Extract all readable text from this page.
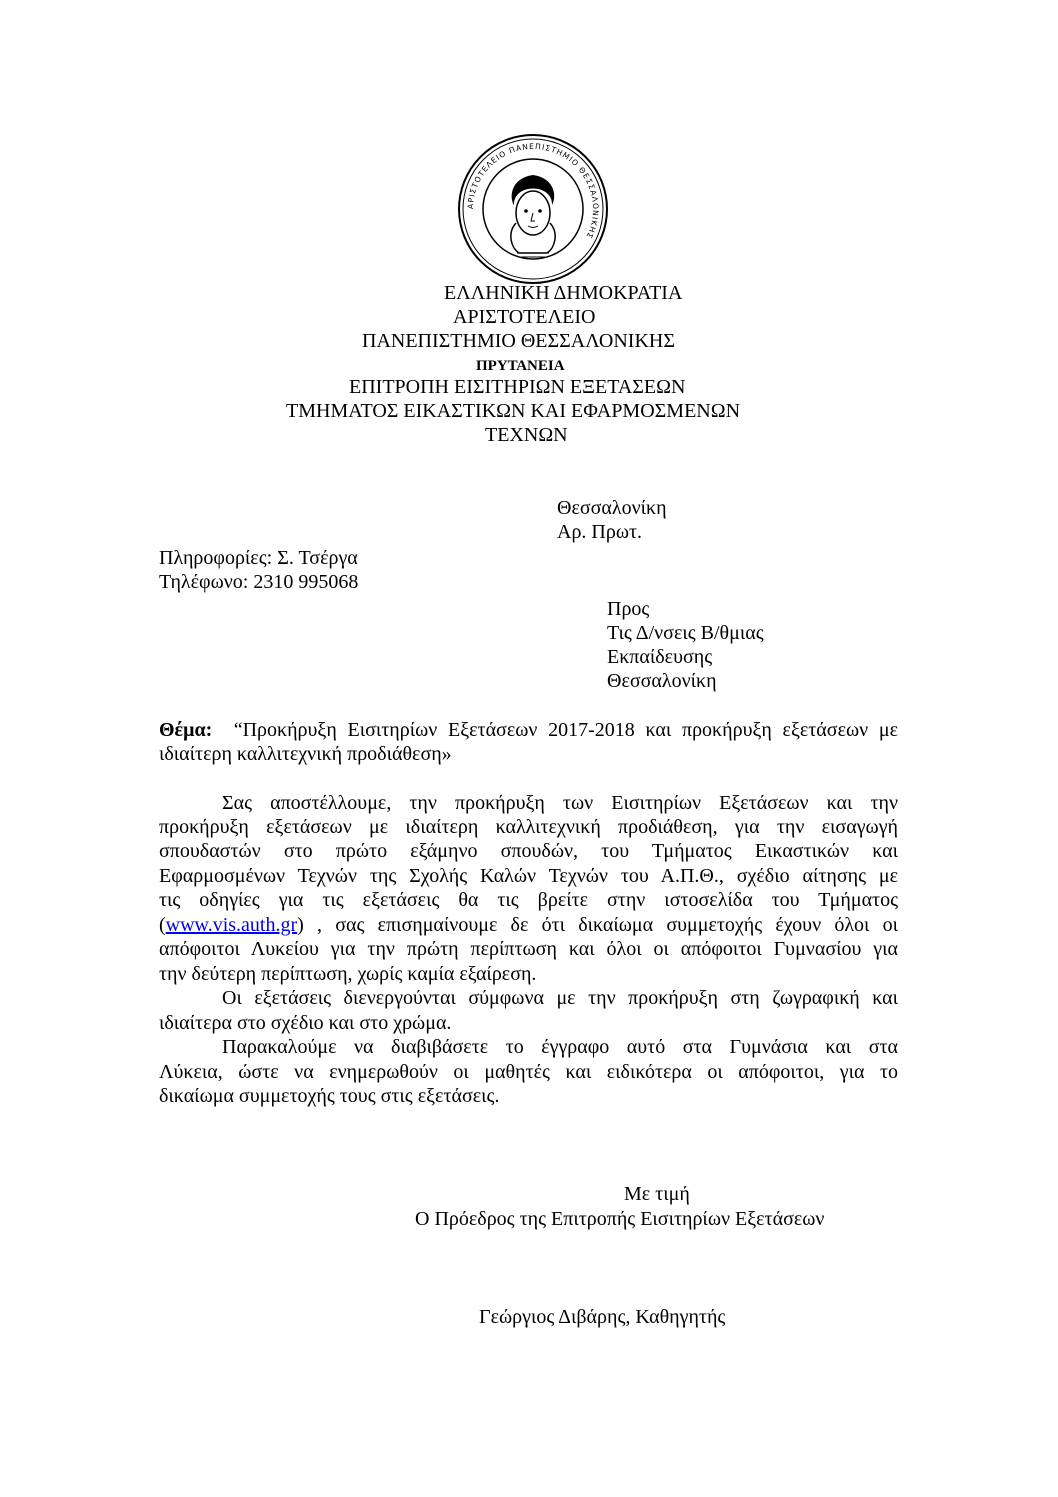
ΑΡΙΣΤΟΤΕΛΕΙΟ ΠΑΝΕΠΙΣΤΗΜΙΟ ΘΕΣΣΑΛΟΝΙΚΗΣ
ΕΛΛΗΝΙΚΗ ΔΗΜΟΚΡΑΤΙΑ
ΑΡΙΣΤΟΤΕΛΕΙΟ
ΠΑΝΕΠΙΣΤΗΜΙΟ ΘΕΣΣΑΛΟΝΙΚΗΣ
ΠΡΥΤΑΝΕΙΑ
ΕΠΙΤΡΟΠΗ ΕΙΣΙΤΗΡΙΩΝ ΕΞΕΤΑΣΕΩΝ
ΤΜΗΜΑΤΟΣ ΕΙΚΑΣΤΙΚΩΝ ΚΑΙ ΕΦΑΡΜΟΣΜΕΝΩΝ
ΤΕΧΝΩΝ
Θεσσαλονίκη
Αρ. Πρωτ.
Πληροφορίες: Σ. Τσέργα
Τηλέφωνο: 2310 995068
Προς
Τις Δ/νσεις Β/θμιας
Εκπαίδευσης
Θεσσαλονίκη
Θέμα: “Προκήρυξη Εισιτηρίων Εξετάσεων 2017-2018 και προκήρυξη εξετάσεων με
ιδιαίτερη καλλιτεχνική προδιάθεση»
Σας αποστέλλουμε, την προκήρυξη των Εισιτηρίων Εξετάσεων και την
προκήρυξη εξετάσεων με ιδιαίτερη καλλιτεχνική προδιάθεση, για την εισαγωγή
σπουδαστών στο πρώτο εξάμηνο σπουδών, του Τμήματος Εικαστικών και
Εφαρμοσμένων Τεχνών της Σχολής Καλών Τεχνών του Α.Π.Θ., σχέδιο αίτησης με
τις οδηγίες για τις εξετάσεις θα τις βρείτε στην ιστοσελίδα του Τμήματος
(www.vis.auth.gr) , σας επισημαίνουμε δε ότι δικαίωμα συμμετοχής έχουν όλοι οι
απόφοιτοι Λυκείου για την πρώτη περίπτωση και όλοι οι απόφοιτοι Γυμνασίου για
την δεύτερη περίπτωση, χωρίς καμία εξαίρεση.
Οι εξετάσεις διενεργούνται σύμφωνα με την προκήρυξη στη ζωγραφική και
ιδιαίτερα στο σχέδιο και στο χρώμα.
Παρακαλούμε να διαβιβάσετε το έγγραφο αυτό στα Γυμνάσια και στα
Λύκεια, ώστε να ενημερωθούν οι μαθητές και ειδικότερα οι απόφοιτοι, για το
δικαίωμα συμμετοχής τους στις εξετάσεις.
Με τιμή
Ο Πρόεδρος της Επιτροπής Εισιτηρίων Εξετάσεων
Γεώργιος Διβάρης, Καθηγητής
